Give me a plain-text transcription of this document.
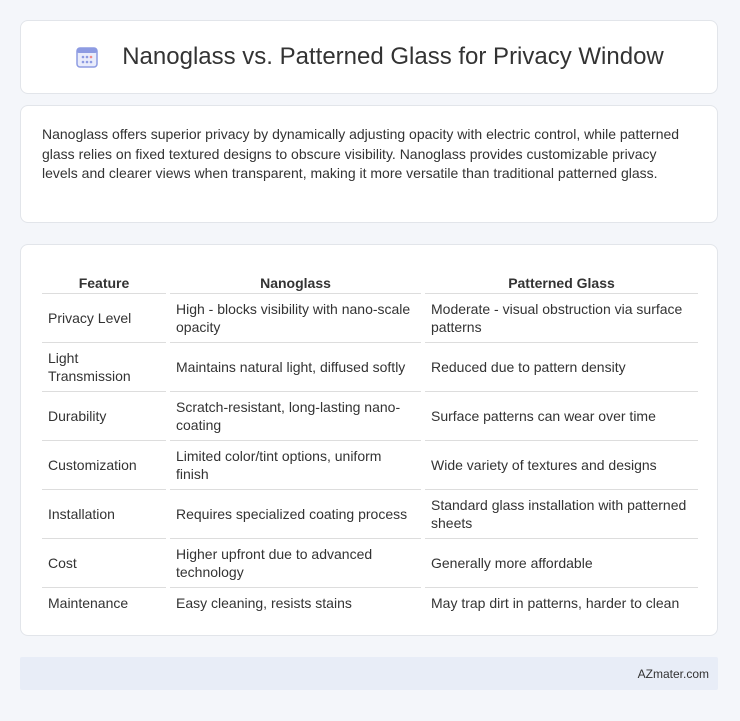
Nanoglass vs. Patterned Glass for Privacy Window

Nanoglass offers superior privacy by dynamically adjusting opacity with electric control, while patterned glass relies on fixed textured designs to obscure visibility. Nanoglass provides customizable privacy levels and clearer views when transparent, making it more versatile than traditional patterned glass.

Feature	Nanoglass	Patterned Glass
Privacy Level	High - blocks visibility with nano-scale opacity	Moderate - visual obstruction via surface patterns
Light Transmission	Maintains natural light, diffused softly	Reduced due to pattern density
Durability	Scratch-resistant, long-lasting nano-coating	Surface patterns can wear over time
Customization	Limited color/tint options, uniform finish	Wide variety of textures and designs
Installation	Requires specialized coating process	Standard glass installation with patterned sheets
Cost	Higher upfront due to advanced technology	Generally more affordable
Maintenance	Easy cleaning, resists stains	May trap dirt in patterns, harder to clean
AZmater.com
